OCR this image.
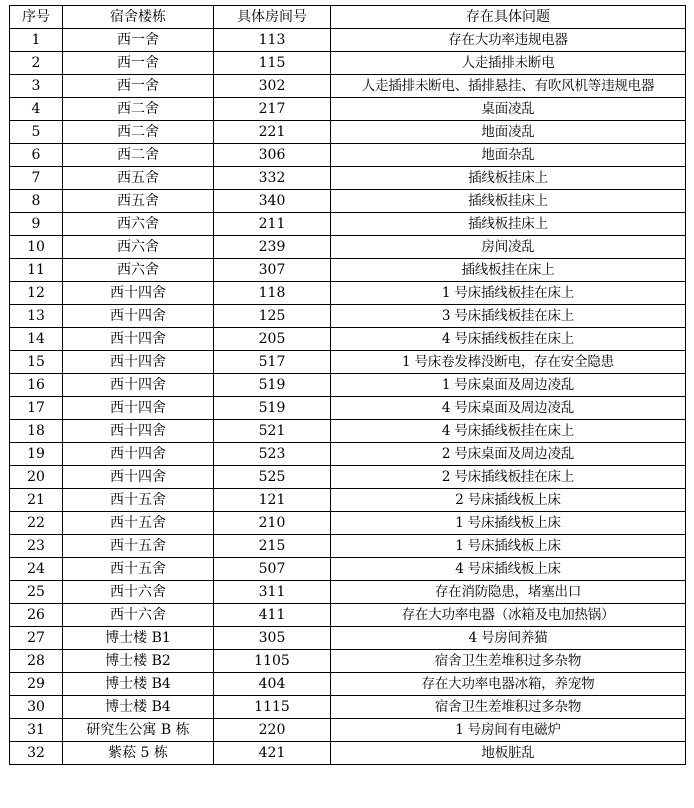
序号	宿舍楼栋	具体房间号	存在具体问题
1	西一舍	113	存在大功率违规电器
2	西一舍	115	人走插排未断电
3	西一舍	302	人走插排未断电、插排悬挂、有吹风机等违规电器
4	西二舍	217	桌面凌乱
5	西二舍	221	地面凌乱
6	西二舍	306	地面杂乱
7	西五舍	332	插线板挂床上
8	西五舍	340	插线板挂床上
9	西六舍	211	插线板挂床上
10	西六舍	239	房间凌乱
11	西六舍	307	插线板挂在床上
12	西十四舍	118	1 号床插线板挂在床上
13	西十四舍	125	3 号床插线板挂在床上
14	西十四舍	205	4 号床插线板挂在床上
15	西十四舍	517	1 号床卷发棒没断电，存在安全隐患
16	西十四舍	519	1 号床桌面及周边凌乱
17	西十四舍	519	4 号床桌面及周边凌乱
18	西十四舍	521	4 号床插线板挂在床上
19	西十四舍	523	2 号床桌面及周边凌乱
20	西十四舍	525	2 号床插线板挂在床上
21	西十五舍	121	2 号床插线板上床
22	西十五舍	210	1 号床插线板上床
23	西十五舍	215	1 号床插线板上床
24	西十五舍	507	4 号床插线板上床
25	西十六舍	311	存在消防隐患，堵塞出口
26	西十六舍	411	存在大功率电器（冰箱及电加热锅）
27	博士楼 B1	305	4 号房间养猫
28	博士楼 B2	1105	宿舍卫生差堆积过多杂物
29	博士楼 B4	404	存在大功率电器冰箱，养宠物
30	博士楼 B4	1115	宿舍卫生差堆积过多杂物
31	研究生公寓 B 栋	220	1 号房间有电磁炉
32	紫菘 5 栋	421	地板脏乱
